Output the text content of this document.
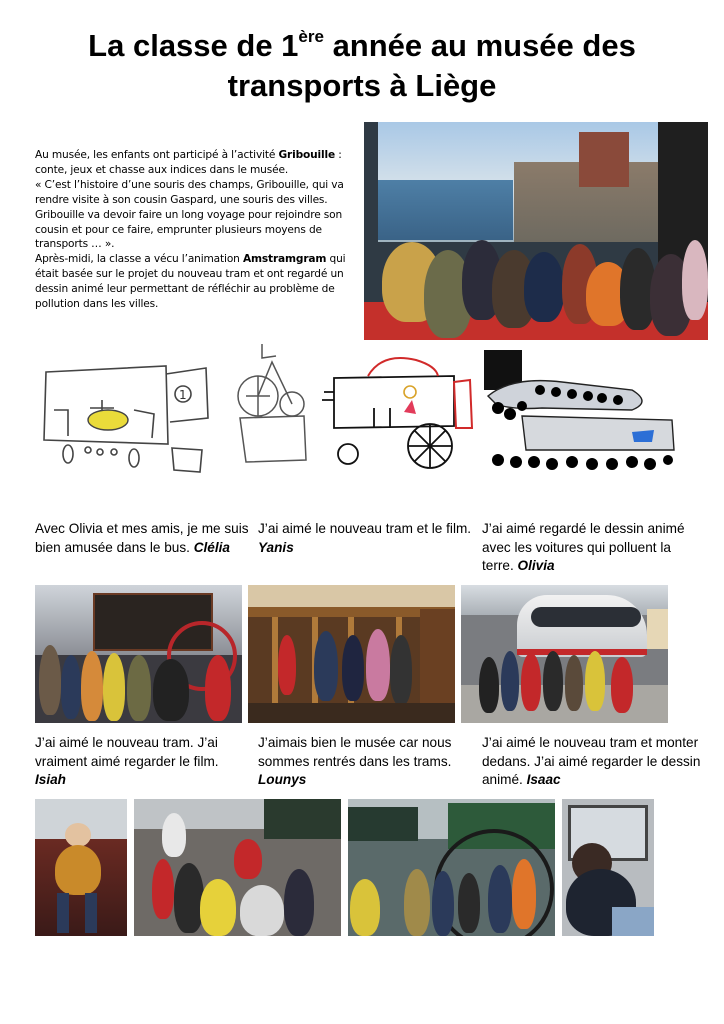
La classe de 1ère année au musée des
transports à Liège

Au musée, les enfants ont participé à l’activité Gribouille : conte, jeux et chasse aux indices dans le musée.

« C’est l’histoire d’une souris des champs, Gribouille, qui va rendre visite à son cousin Gaspard, une souris des villes. Gribouille va devoir faire un long voyage pour rejoindre son cousin et pour ce faire, emprunter plusieurs moyens de transports … ».

Après-midi, la classe a vécu l’animation Amstramgram qui était basée sur le projet du nouveau tram et ont regardé un dessin animé leur permettant de réfléchir au problème de pollution dans les villes.

1
Avec Olivia et mes amis, je me suis bien amusée dans le bus. Clélia
J’ai aimé le nouveau tram et le film. Yanis
J’ai aimé regardé le dessin animé avec les voitures qui polluent la terre. Olivia
J’ai aimé le nouveau tram. J’ai vraiment aimé regarder le film. Isiah
J’aimais bien le musée car nous sommes rentrés dans les trams. Lounys
J’ai aimé le nouveau tram et monter dedans. J’ai aimé regarder le dessin animé. Isaac
